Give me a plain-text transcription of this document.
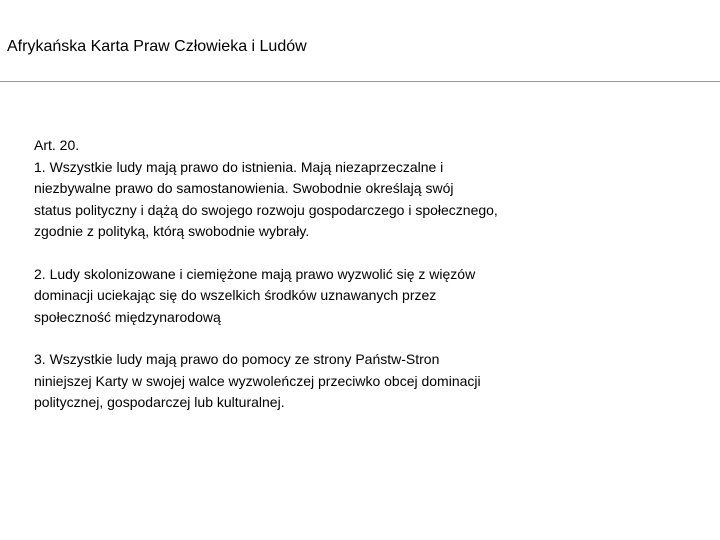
Afrykańska Karta Praw Człowieka i Ludów

Art. 20.

1. Wszystkie ludy mają prawo do istnienia. Mają niezaprzeczalne i
niezbywalne prawo do samostanowienia. Swobodnie określają swój
status polityczny i dążą do swojego rozwoju gospodarczego i społecznego,
zgodnie z polityką, którą swobodnie wybrały.

2. Ludy skolonizowane i ciemiężone mają prawo wyzwolić się z więzów
dominacji uciekając się do wszelkich środków uznawanych przez
społeczność międzynarodową

3. Wszystkie ludy mają prawo do pomocy ze strony Państw-Stron
niniejszej Karty w swojej walce wyzwoleńczej przeciwko obcej dominacji
politycznej, gospodarczej lub kulturalnej.
